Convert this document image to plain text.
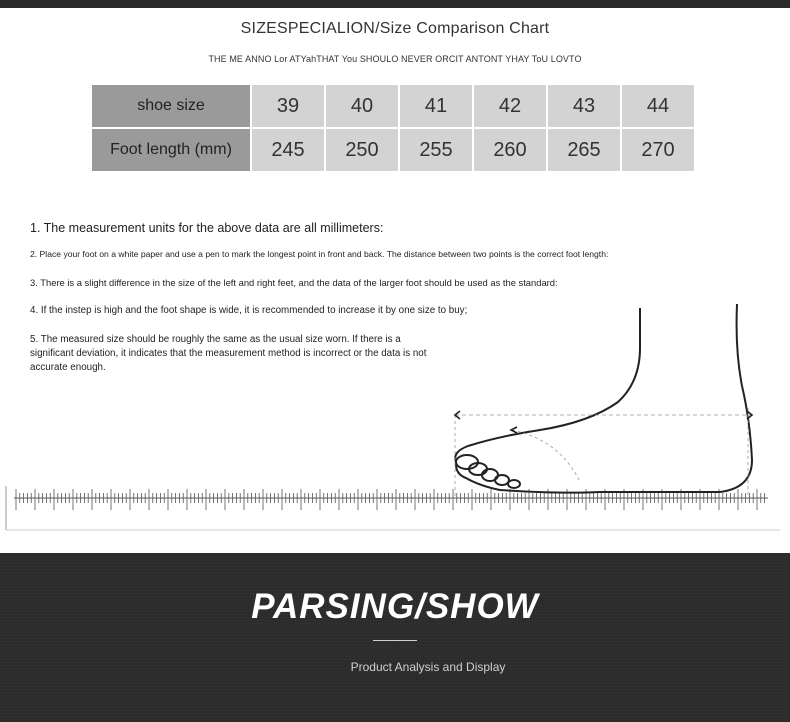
SIZESPECIALION/Size Comparison Chart
THE ME ANNO Lor ATYahTHAT You SHOULO NEVER ORCIT ANTONT YHAY ToU LOVTO
shoe size	39	40	41	42	43	44
Foot length (mm)	245	250	255	260	265	270
1. The measurement units for the above data are all millimeters:
2. Place your foot on a white paper and use a pen to mark the longest point in front and back. The distance between two points is the correct foot length:
3. There is a slight difference in the size of the left and right feet, and the data of the larger foot should be used as the standard:
4. If the instep is high and the foot shape is wide, it is recommended to increase it by one size to buy;
5. The measured size should be roughly the same as the usual size worn. If there is a significant deviation, it indicates that the measurement method is incorrect or the data is not accurate enough.
PARSING/SHOW
Product Analysis and Display
